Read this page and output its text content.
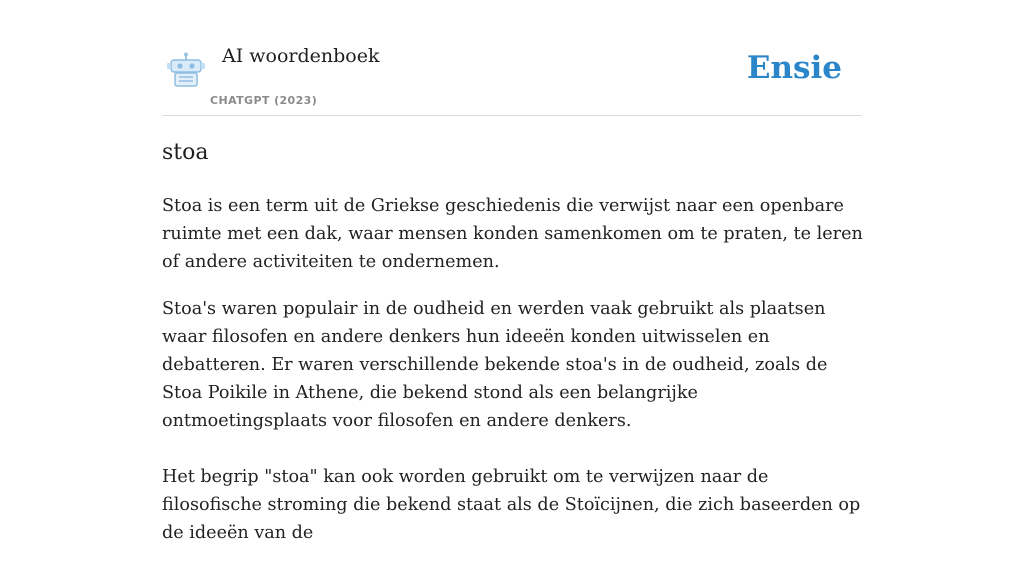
AI woordenboek
CHATGPT (2023)
Ensie
stoa

Stoa is een term uit de Griekse geschiedenis die verwijst naar een openbare ruimte met een dak, waar mensen konden samenkomen om te praten, te leren of andere activiteiten te ondernemen.

Stoa's waren populair in de oudheid en werden vaak gebruikt als plaatsen waar filosofen en andere denkers hun ideeën konden uitwisselen en debatteren. Er waren verschillende bekende stoa's in de oudheid, zoals de Stoa Poikile in Athene, die bekend stond als een belangrijke ontmoetingsplaats voor filosofen en andere denkers.

Het begrip "stoa" kan ook worden gebruikt om te verwijzen naar de filosofische stroming die bekend staat als de Stoïcijnen, die zich baseerden op de ideeën van de
